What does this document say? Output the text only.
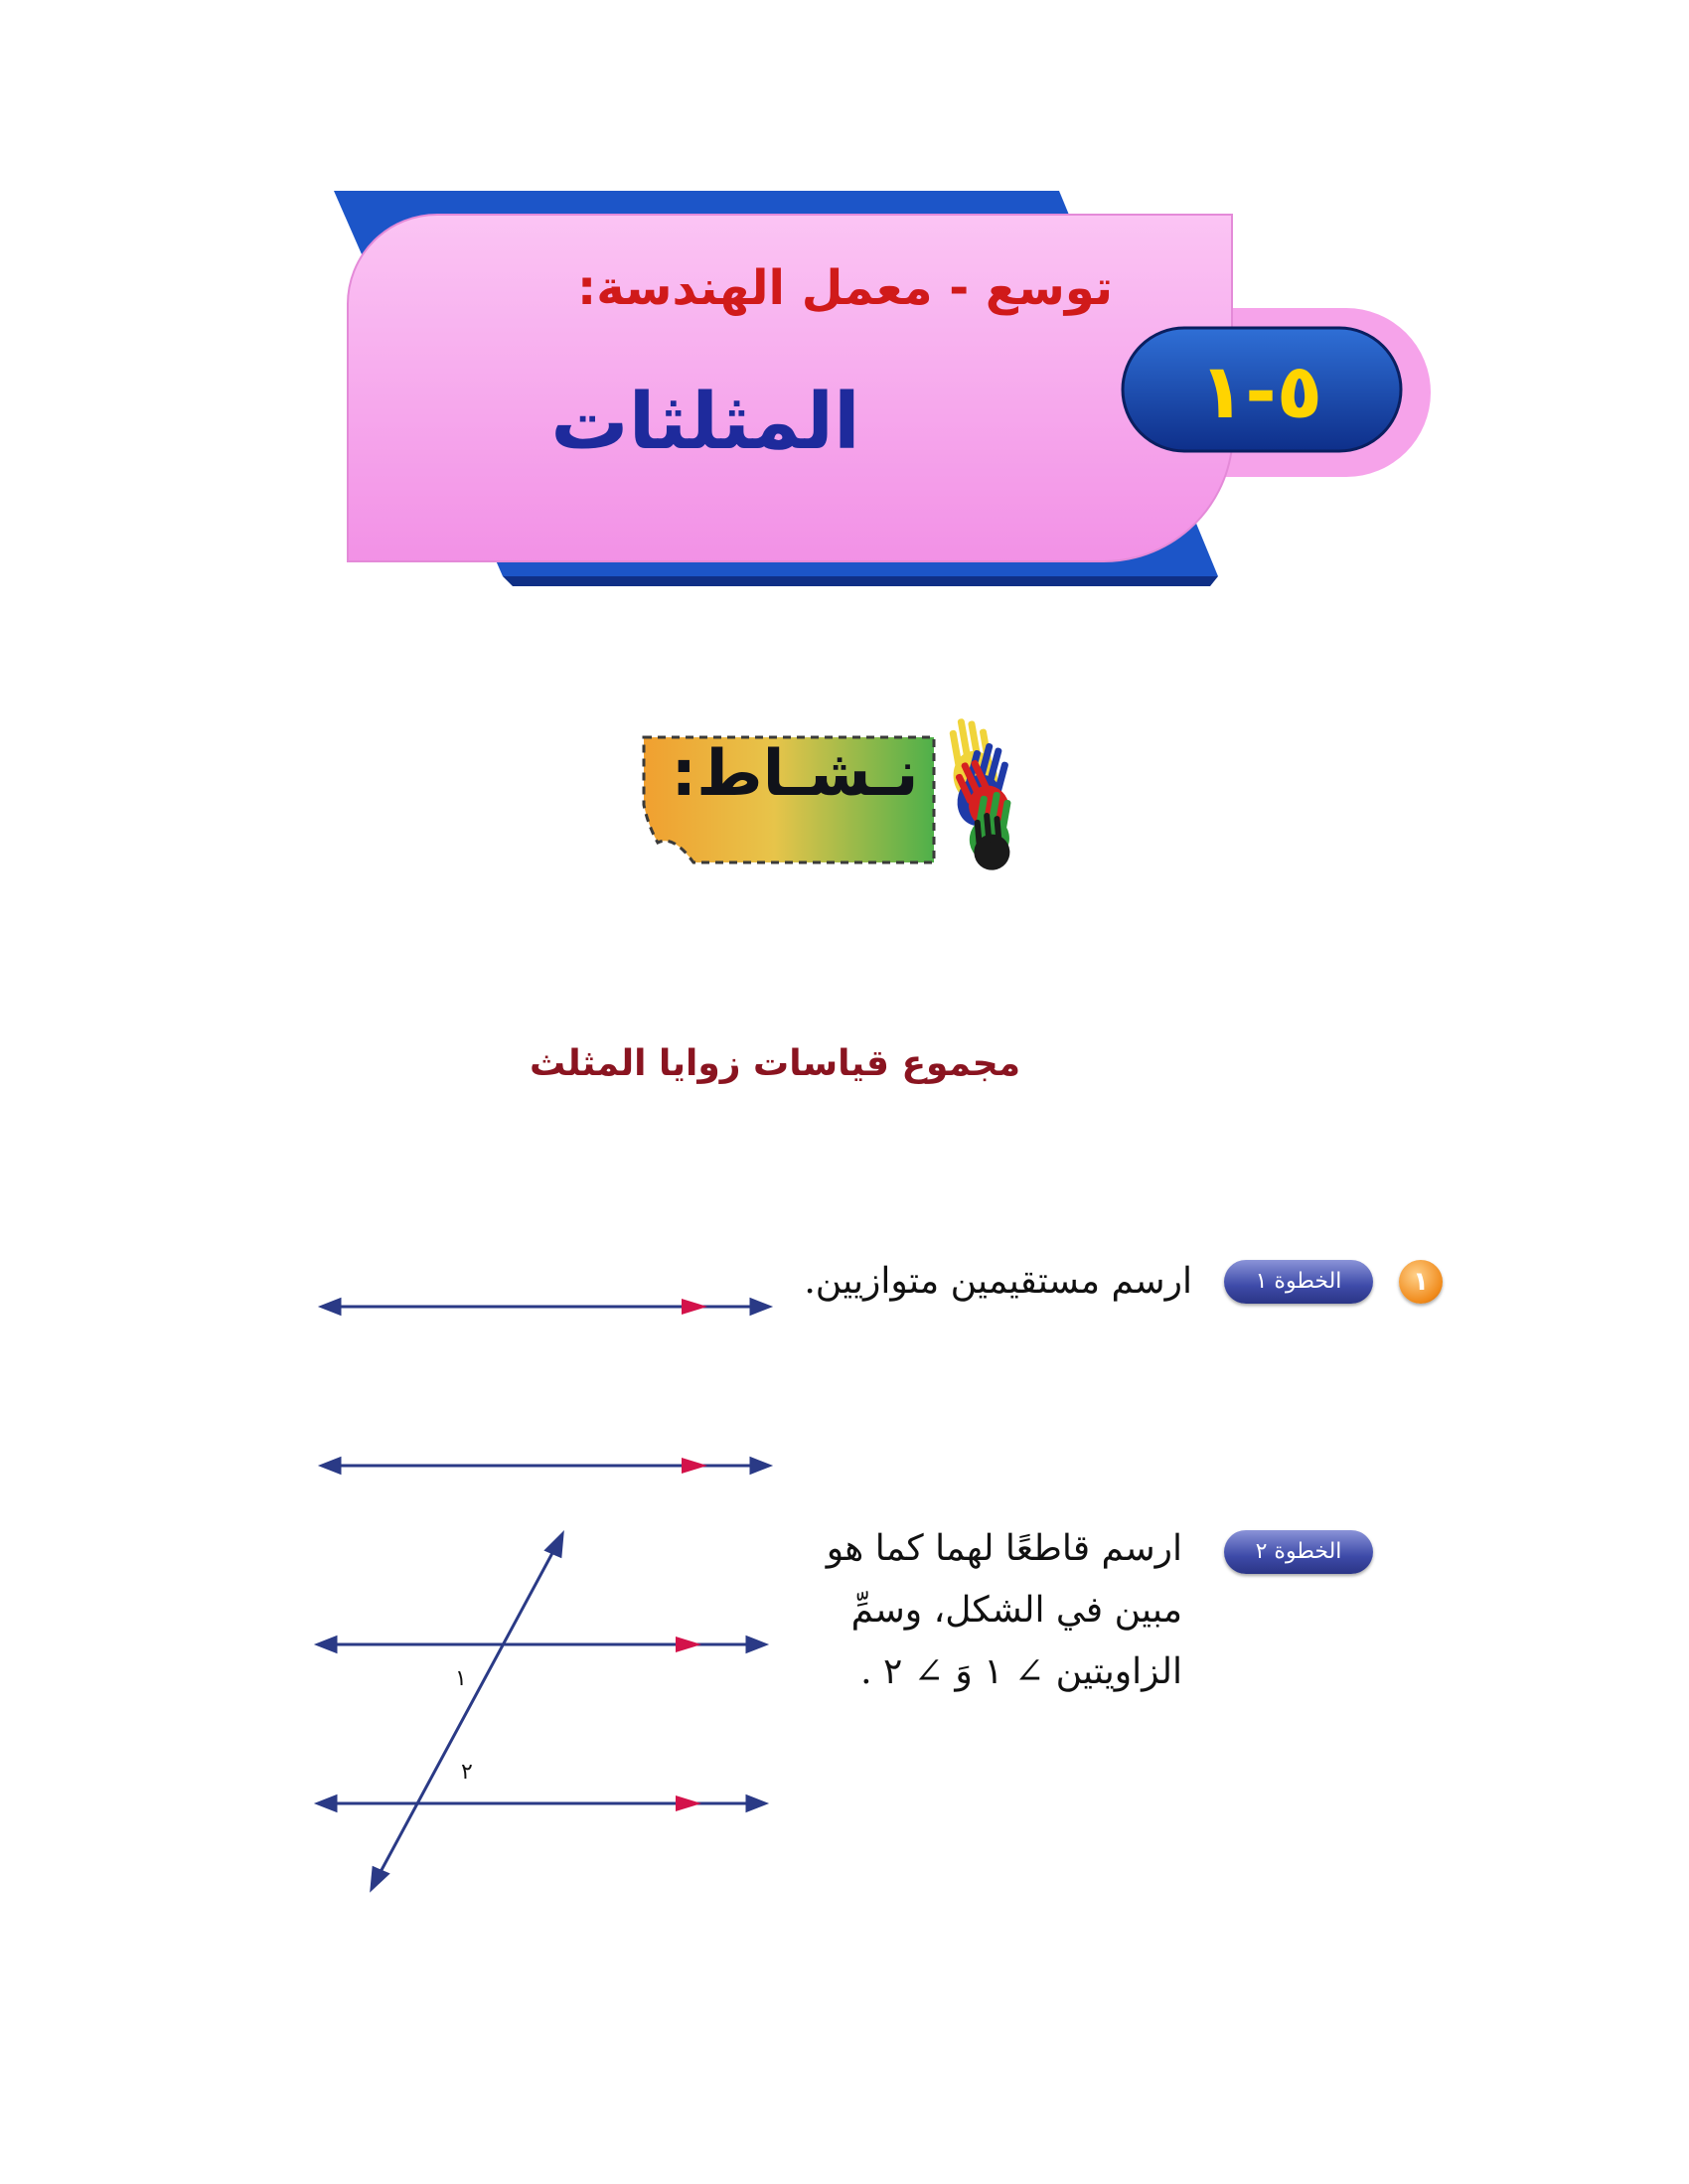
توسع - معمل الهندسة:
المثلثات	٥-١
نـشـاط:
مجموع قياسات زوايا المثلث
١
الخطوة ١
ارسم مستقيمين متوازيين.
الخطوة ٢
ارسم قاطعًا لهما كما هو
مبين في الشكل، وسمِّ
الزاويتين ∠ ١ وَ ∠ ٢ .
١
٢
